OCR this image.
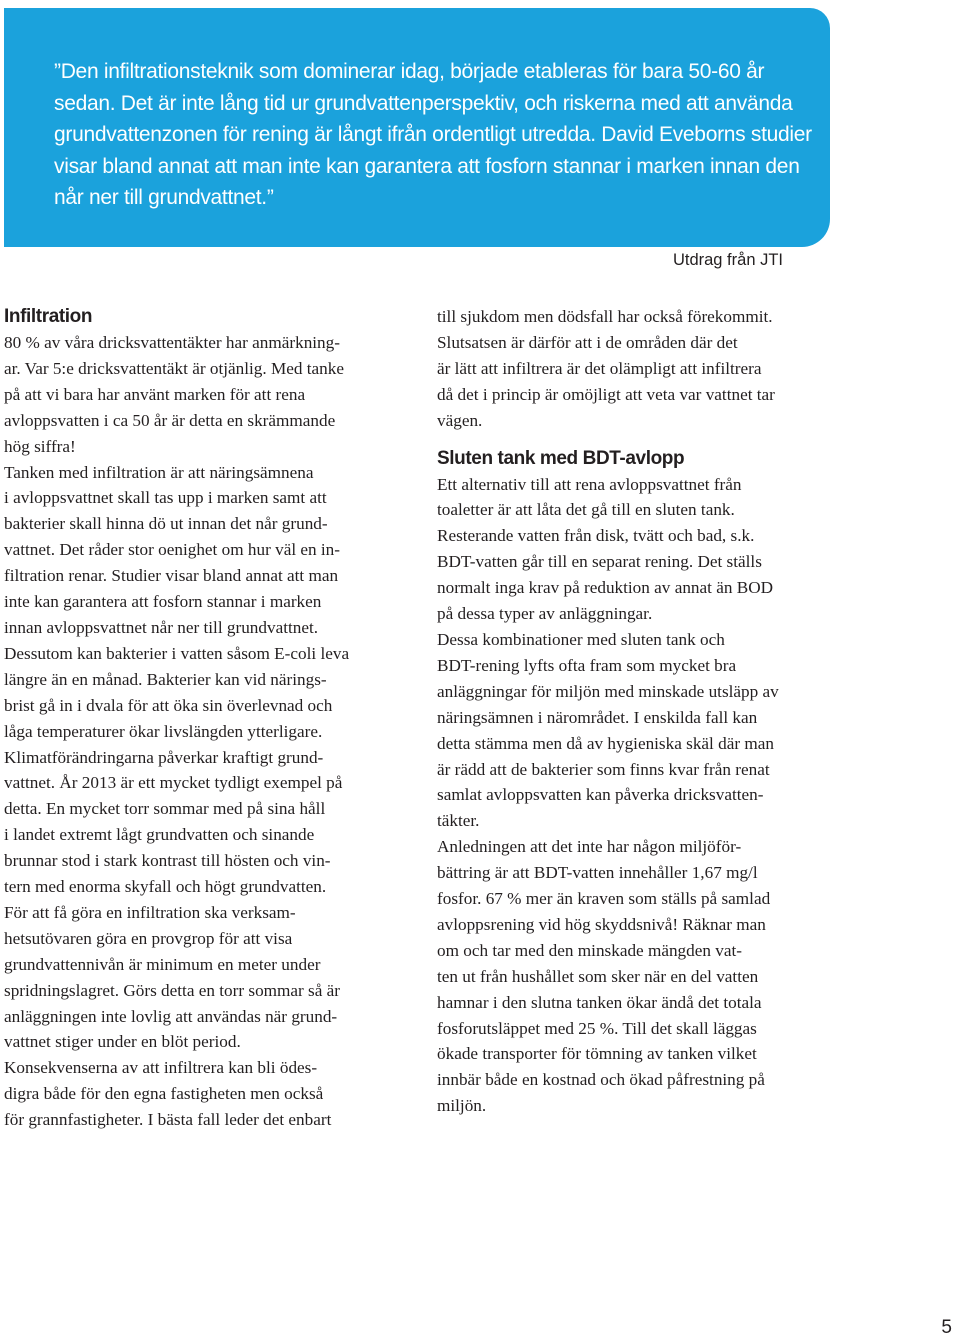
”Den infiltrationsteknik som dominerar idag, började etableras för bara 50-60 år

sedan. Det är inte lång tid ur grundvattenperspektiv, och riskerna med att använda

grundvattenzonen för rening är långt ifrån ordentligt utredda. David Eveborns studier

visar bland annat att man inte kan garantera att fosforn stannar i marken innan den

når ner till grundvattnet.”

Utdrag från JTI
Infiltration

80 % av våra dricksvattentäkter har anmärkning-

ar. Var 5:e dricksvattentäkt är otjänlig. Med tanke

på att vi bara har använt marken för att rena

avloppsvatten i ca 50 år är detta en skrämmande

hög siffra!

Tanken med infiltration är att näringsämnena

i avloppsvattnet skall tas upp i marken samt att

bakterier skall hinna dö ut innan det når grund-

vattnet. Det råder stor oenighet om hur väl en in-

filtration renar. Studier visar bland annat att man

inte kan garantera att fosforn stannar i marken

innan avloppsvattnet når ner till grundvattnet.

Dessutom kan bakterier i vatten såsom E-coli leva

längre än en månad. Bakterier kan vid närings-

brist gå in i dvala för att öka sin överlevnad och

låga temperaturer ökar livslängden ytterligare.

Klimatförändringarna påverkar kraftigt grund-

vattnet. År 2013 är ett mycket tydligt exempel på

detta. En mycket torr sommar med på sina håll

i landet extremt lågt grundvatten och sinande

brunnar stod i stark kontrast till hösten och vin-

tern med enorma skyfall och högt grundvatten.

För att få göra en infiltration ska verksam-

hetsutövaren göra en provgrop för att visa

grundvattennivån är minimum en meter under

spridningslagret. Görs detta en torr sommar så är

anläggningen inte lovlig att användas när grund-

vattnet stiger under en blöt period.

Konsekvenserna av att infiltrera kan bli ödes-

digra både för den egna fastigheten men också

för grannfastigheter. I bästa fall leder det enbart

till sjukdom men dödsfall har också förekommit.

Slutsatsen är därför att i de områden där det

är lätt att infiltrera är det olämpligt att infiltrera

då det i princip är omöjligt att veta var vattnet tar

vägen.

Sluten tank med BDT-avlopp

Ett alternativ till att rena avloppsvattnet från

toaletter är att låta det gå till en sluten tank.

Resterande vatten från disk, tvätt och bad, s.k.

BDT-vatten går till en separat rening. Det ställs

normalt inga krav på reduktion av annat än BOD

på dessa typer av anläggningar.

Dessa kombinationer med sluten tank och

BDT-rening lyfts ofta fram som mycket bra

anläggningar för miljön med minskade utsläpp av

näringsämnen i närområdet. I enskilda fall kan

detta stämma men då av hygieniska skäl där man

är rädd att de bakterier som finns kvar från renat

samlat avloppsvatten kan påverka dricksvatten-

täkter.

Anledningen att det inte har någon miljöför-

bättring är att BDT-vatten innehåller 1,67 mg/l

fosfor. 67 % mer än kraven som ställs på samlad

avloppsrening vid hög skyddsnivå! Räknar man

om och tar med den minskade mängden vat-

ten ut från hushållet som sker när en del vatten

hamnar i den slutna tanken ökar ändå det totala

fosforutsläppet med 25 %. Till det skall läggas

ökade transporter för tömning av tanken vilket

innbär både en kostnad och ökad påfrestning på

miljön.

5
